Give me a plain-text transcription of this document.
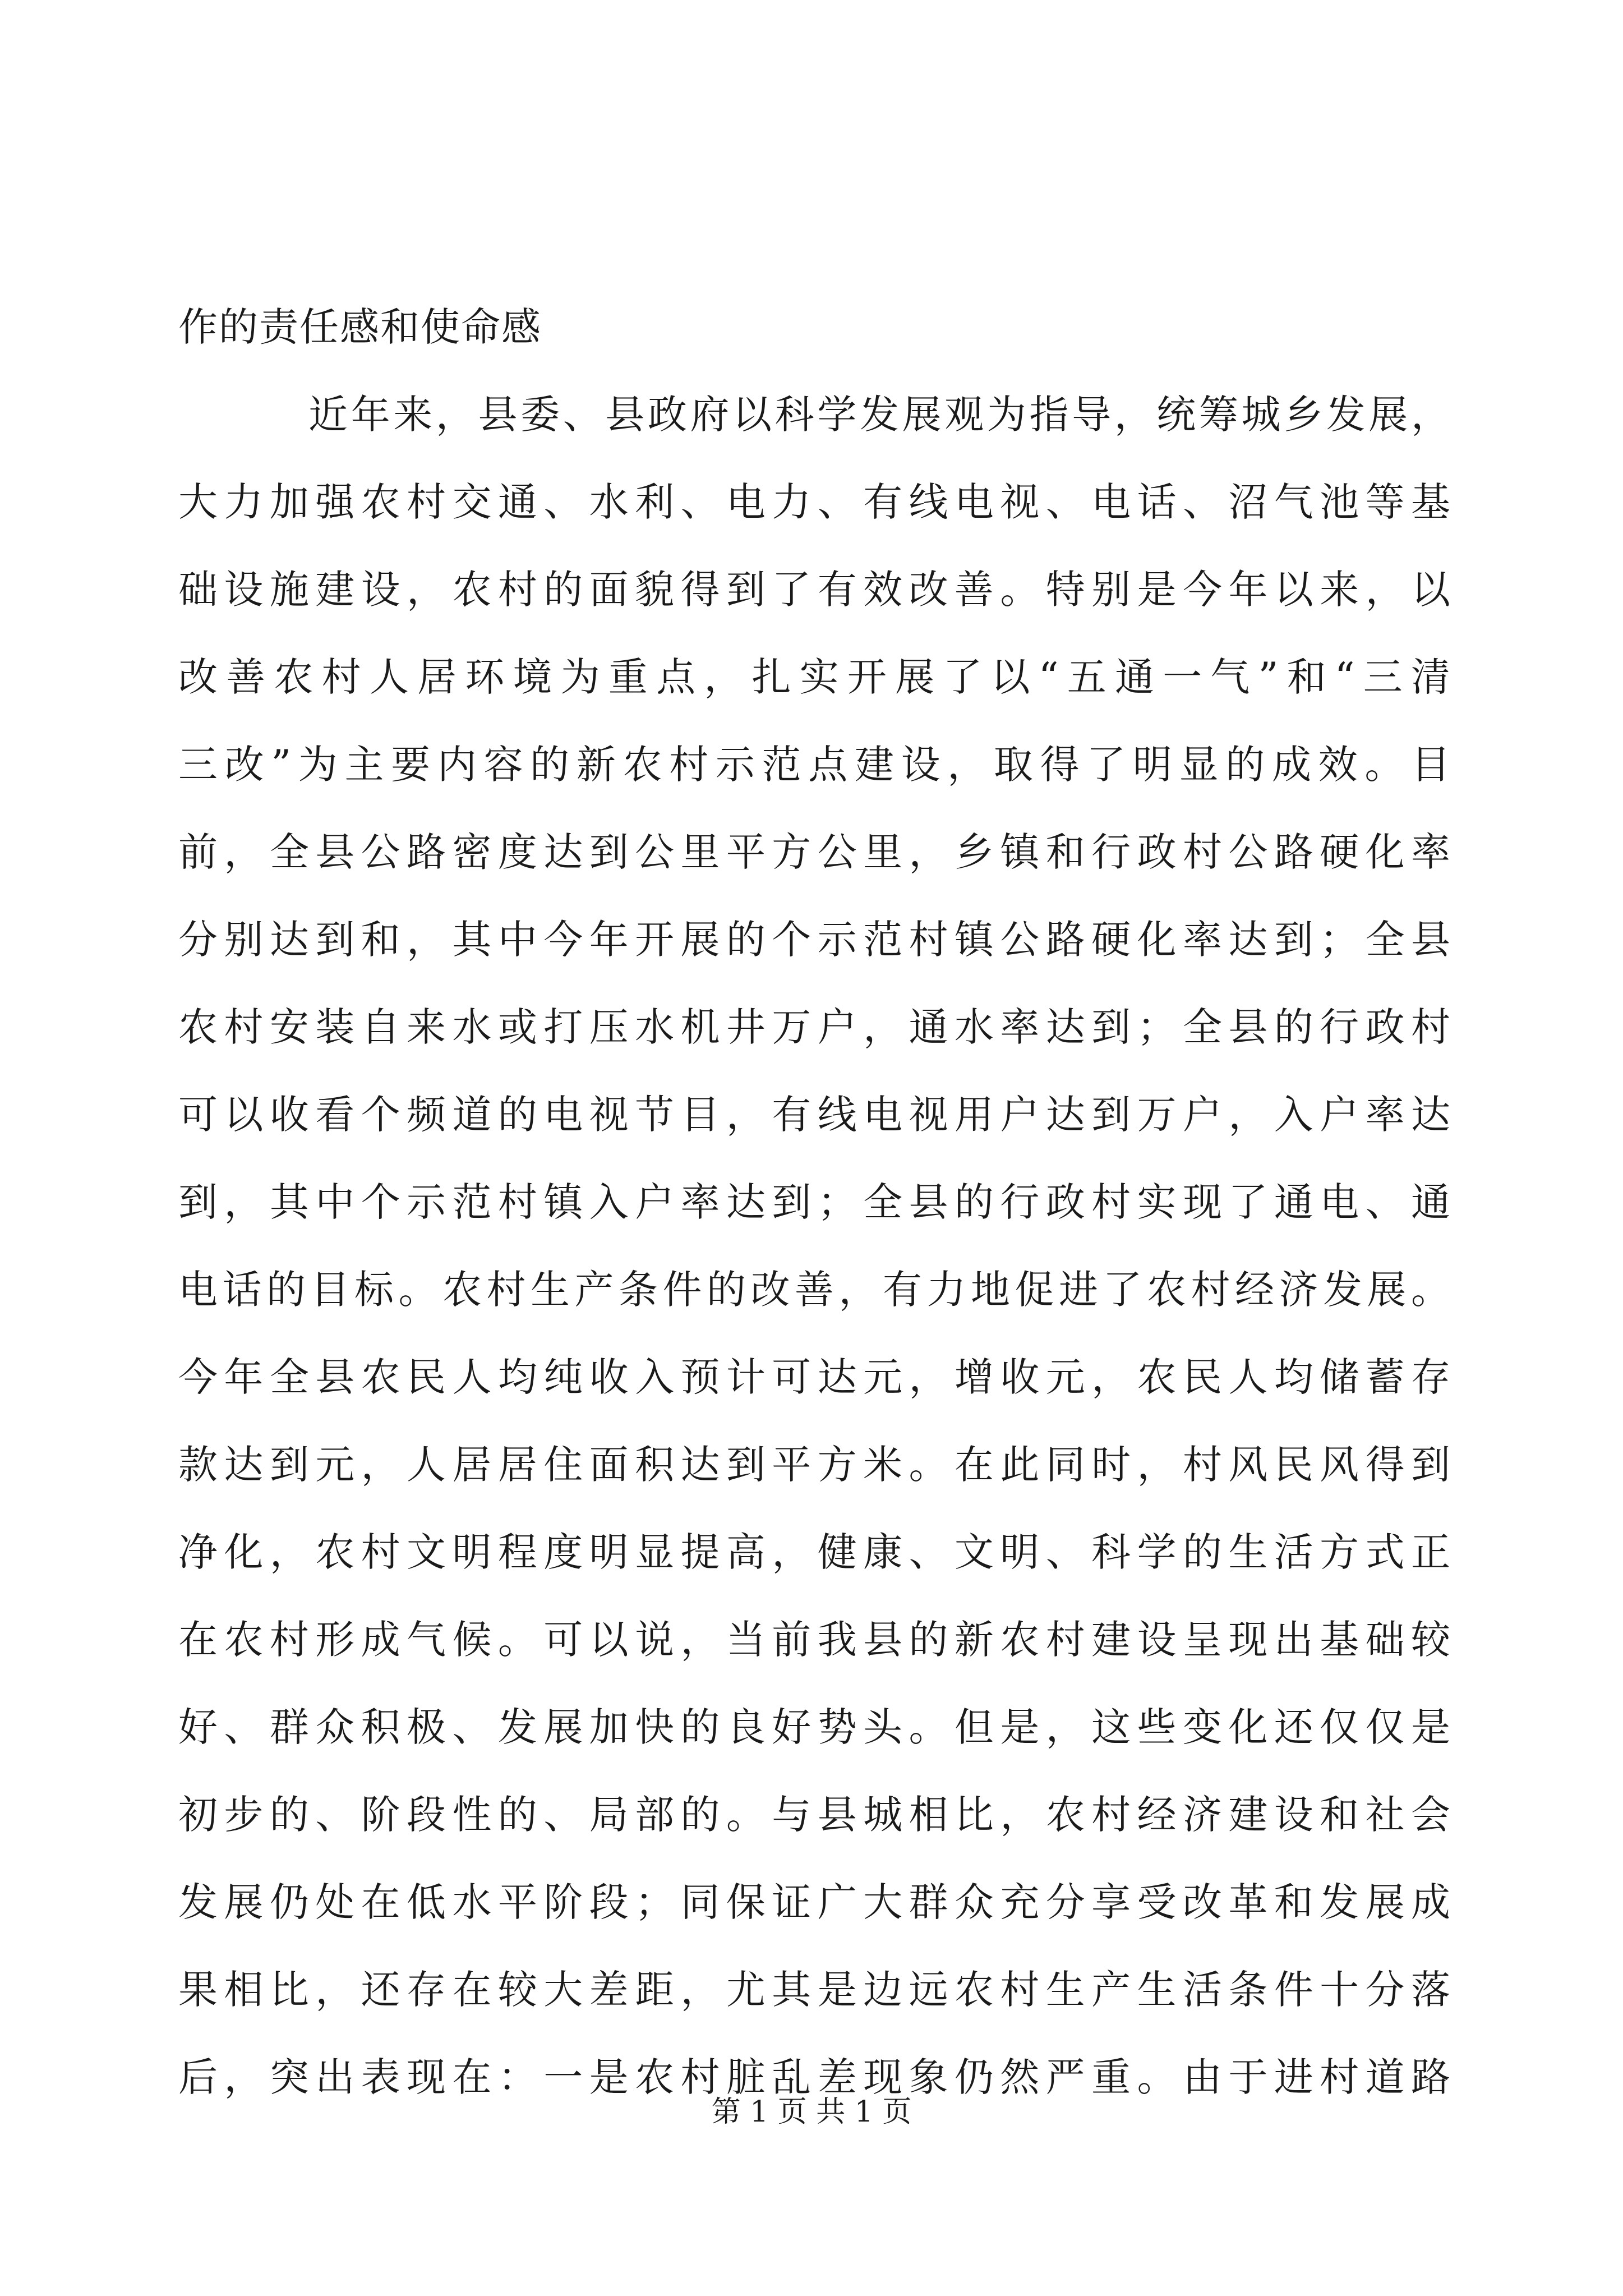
作的责任感和使命感
近年来，县委、县政府以科学发展观为指导，统筹城乡发展，
大力加强农村交通、水利、电力、有线电视、电话、沼气池等基
础设施建设，农村的面貌得到了有效改善。特别是今年以来，以
改善农村人居环境为重点，扎实开展了以“五通一气”和“三清
三改”为主要内容的新农村示范点建设，取得了明显的成效。目
前，全县公路密度达到公里平方公里，乡镇和行政村公路硬化率
分别达到和，其中今年开展的个示范村镇公路硬化率达到；全县
农村安装自来水或打压水机井万户，通水率达到；全县的行政村
可以收看个频道的电视节目，有线电视用户达到万户，入户率达
到，其中个示范村镇入户率达到；全县的行政村实现了通电、通
电话的目标。农村生产条件的改善，有力地促进了农村经济发展。
今年全县农民人均纯收入预计可达元，增收元，农民人均储蓄存
款达到元，人居居住面积达到平方米。在此同时，村风民风得到
净化，农村文明程度明显提高，健康、文明、科学的生活方式正
在农村形成气候。可以说，当前我县的新农村建设呈现出基础较
好、群众积极、发展加快的良好势头。但是，这些变化还仅仅是
初步的、阶段性的、局部的。与县城相比，农村经济建设和社会
发展仍处在低水平阶段；同保证广大群众充分享受改革和发展成
果相比，还存在较大差距，尤其是边远农村生产生活条件十分落
后，突出表现在：一是农村脏乱差现象仍然严重。由于进村道路
第 1 页 共 1 页
